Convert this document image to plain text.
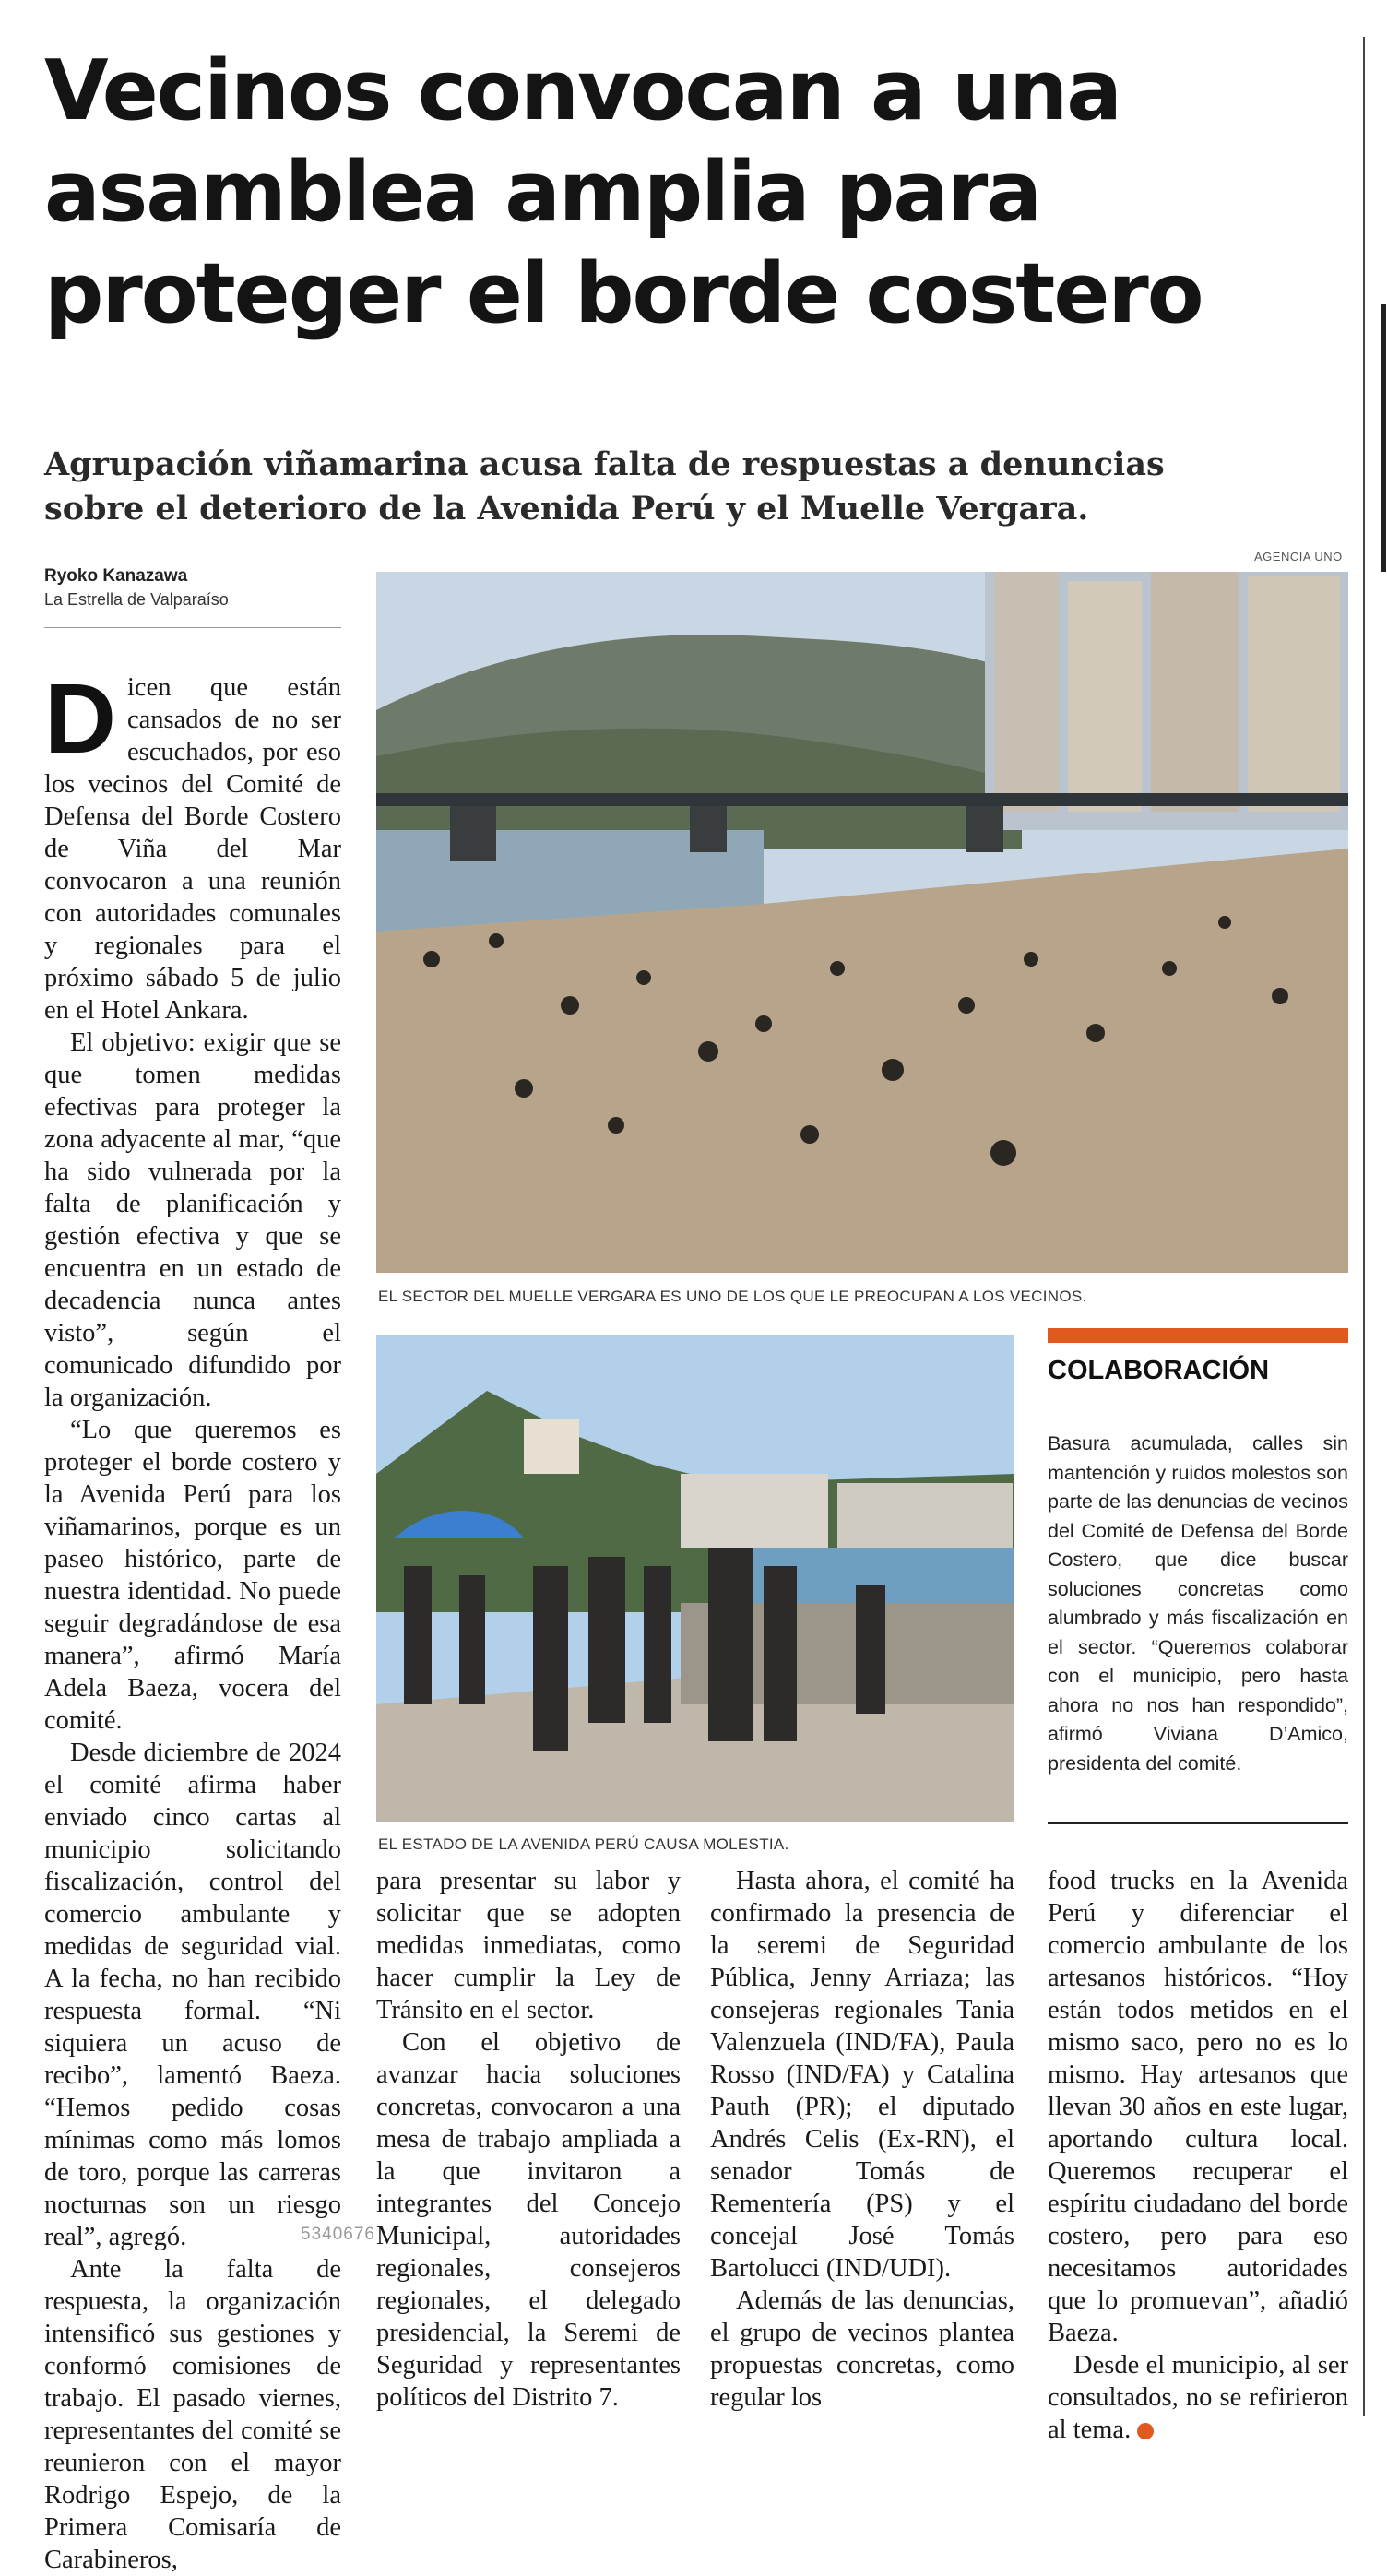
Vecinos convocan a una
asamblea amplia para
proteger el borde costero
Agrupación viñamarina acusa falta de respuestas a denuncias
sobre el deterioro de la Avenida Perú y el Muelle Vergara.
Ryoko Kanazawa
La Estrella de Valparaíso
AGENCIA UNO
D icen que están cansados de no ser escuchados, por eso los vecinos del Comité de Defensa del Borde Costero de Viña del Mar convocaron a una reunión con autoridades comunales y regionales para el próximo sábado 5 de julio en el Hotel Ankara.

El objetivo: exigir que se que tomen medidas efectivas para proteger la zona adyacente al mar, “que ha sido vulnerada por la falta de planificación y gestión efectiva y que se encuentra en un estado de decadencia nunca antes visto”, según el comunicado difundido por la organización.

“Lo que queremos es proteger el borde costero y la Avenida Perú para los viñamarinos, porque es un paseo histórico, parte de nuestra identidad. No puede seguir degradándose de esa manera”, afirmó María Adela Baeza, vocera del comité.

Desde diciembre de 2024 el comité afirma haber enviado cinco cartas al municipio solicitando fiscalización, control del comercio ambulante y medidas de seguridad vial. A la fecha, no han recibido respuesta formal. “Ni siquiera un acuso de recibo”, lamentó Baeza. “Hemos pedido cosas mínimas como más lomos de toro, porque las carreras nocturnas son un riesgo real”, agregó.

Ante la falta de respuesta, la organización intensificó sus gestiones y conformó comisiones de trabajo. El pasado viernes, representantes del comité se reunieron con el mayor Rodrigo Espejo, de la Primera Comisaría de Carabineros,

EL SECTOR DEL MUELLE VERGARA ES UNO DE LOS QUE LE PREOCUPAN A LOS VECINOS.
EL ESTADO DE LA AVENIDA PERÚ CAUSA MOLESTIA.
COLABORACIÓN
Basura acumulada, calles sin mantención y ruidos molestos son parte de las denuncias de vecinos del Comité de Defensa del Borde Costero, que dice buscar soluciones concretas como alumbrado y más fiscalización en el sector. “Queremos colaborar con el municipio, pero hasta ahora no nos han respondido”, afirmó Viviana D’Amico, presidenta del comité.

para presentar su labor y solicitar que se adopten medidas inmediatas, como hacer cumplir la Ley de Tránsito en el sector.

Con el objetivo de avanzar hacia soluciones concretas, convocaron a una mesa de trabajo ampliada a la que invitaron a integrantes del Concejo Municipal, autoridades regionales, consejeros regionales, el delegado presidencial, la Seremi de Seguridad y representantes políticos del Distrito 7.

Hasta ahora, el comité ha confirmado la presencia de la seremi de Seguridad Pública, Jenny Arriaza; las consejeras regionales Tania Valenzuela (IND/FA), Paula Rosso (IND/FA) y Catalina Pauth (PR); el diputado Andrés Celis (Ex-RN), el senador Tomás de Rementería (PS) y el concejal José Tomás Bartolucci (IND/UDI).

Además de las denuncias, el grupo de vecinos plantea propuestas concretas, como regular los

food trucks en la Avenida Perú y diferenciar el comercio ambulante de los artesanos históricos. “Hoy están todos metidos en el mismo saco, pero no es lo mismo. Hay artesanos que llevan 30 años en este lugar, aportando cultura local. Queremos recuperar el espíritu ciudadano del borde costero, pero para eso necesitamos autoridades que lo promuevan”, añadió Baeza.

Desde el municipio, al ser consultados, no se refirieron al tema.	+

5340676
